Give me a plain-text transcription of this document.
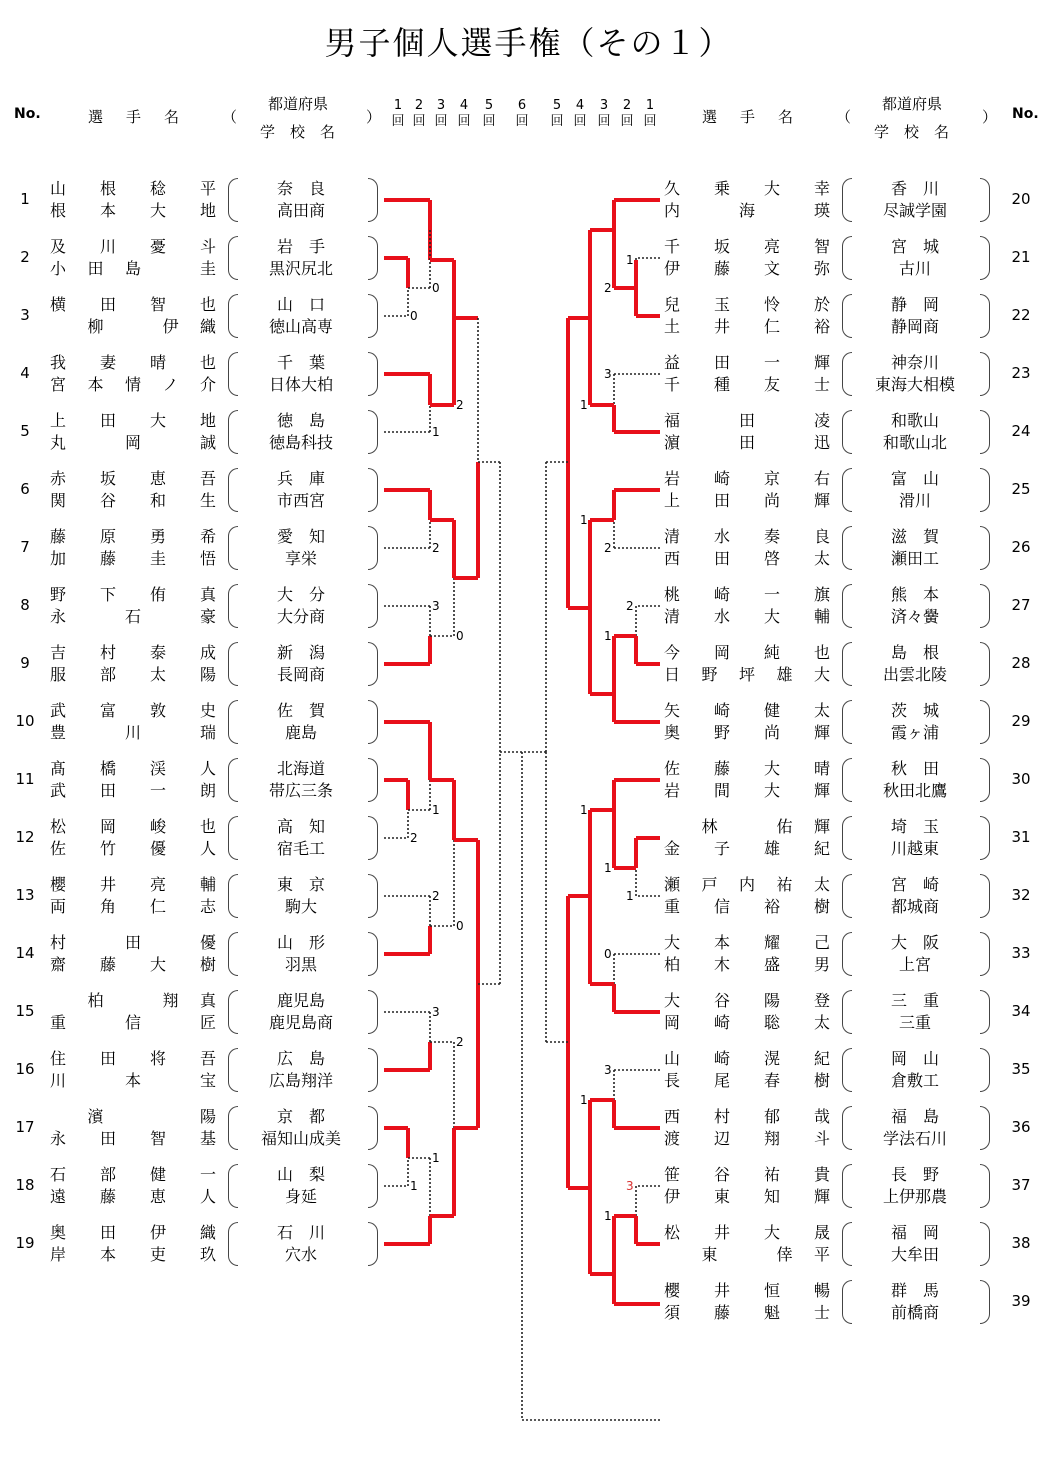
男子個人選手権（その１）
No.	選　手　名	（
都道府県
学　校　名
）	選　手　名	（
都道府県
学　校　名
） No.
1
回
2
回
3
回
4
回
5
回
6
回
5
回
4
回
3
回
2
回
1
回
1
山 根 稔 平
根 本 大 地
奈　良
高田商
2
及 川 憂 斗
小 田 島	圭
岩　手
黒沢尻北
3
横 田 智 也
柳	伊 織
山　口
徳山高専
4
我 妻 晴 也
宮 本 情 ノ 介
千　葉
日体大柏
5
上 田 大 地
丸	岡	誠
徳　島
徳島科技
6
赤 坂 恵 吾
関 谷 和 生
兵　庫
市西宮
7
藤 原 勇 希
加 藤 圭 悟
愛　知
享栄
8
野 下 侑 真
永	石	豪
大　分
大分商
9
吉 村 泰 成
服 部 太 陽
新　潟
長岡商
10
武 富 敦 史
豊	川	瑞
佐　賀
鹿島
11
髙 橋 渓 人
武 田 一 朗
北海道
帯広三条
12
松 岡 峻 也
佐 竹 優 人
高　知
宿毛工
13
櫻 井 亮 輔
両 角 仁 志
東　京
駒大
14
村	田	優
齋 藤 大 樹
山　形
羽黒
15
柏	翔 真
重	信	匠
鹿児島
鹿児島商
16
住 田 将 吾
川	本	宝
広　島
広島翔洋
17
濱	陽
永 田 智 基
京　都
福知山成美
18
石 部 健 一
遠 藤 恵 人
山　梨
身延
19
奥 田 伊 織
岸 本 吏 玖
石　川
穴水
20
久 乗 大 幸
内	海	瑛
香　川
尽誠学園
21
千 坂 亮 智
伊 藤 文 弥
宮　城
古川
22
兒 玉 怜 於
土 井 仁 裕
静　岡
静岡商
23
益 田 一 輝
千 種 友 士
神奈川
東海大相模
24
福	田	凌
濵	田	迅
和歌山
和歌山北
25
岩 崎 京 右
上 田 尚 輝
富　山
滑川
26
清 水 奏 良
西 田 啓 太
滋　賀
瀬田工
27
桃 崎 一 旗
清 水 大 輔
熊　本
済々黌
28
今 岡 純 也
日 野 坪 雄 大
島　根
出雲北陵
29
矢 崎 健 太
奥 野 尚 輝
茨　城
霞ヶ浦
30
佐 藤 大 晴
岩 間 大 輝
秋　田
秋田北鷹
31
林	佑 輝
金 子 雄 紀
埼　玉
川越東
32
瀬 戸 内 祐 太
重 信 裕 樹
宮　崎
都城商
33
大 本 耀 己
柏 木 盛 男
大　阪
上宮
34
大 谷 陽 登
岡 崎 聡 太
三　重
三重
35
山 崎 滉 紀
長 尾 春 樹
岡　山
倉敷工
36
西 村 郁 哉
渡 辺 翔 斗
福　島
学法石川
37
笹 谷 祐 貴
伊 東 知 輝
長　野
上伊那農
38
松 井 大 晟
東	倖 平
福　岡
大牟田
39
櫻 井 恒 暢
須 藤 魁 士
群　馬
前橋商
0
0
2
1
2
3
0
2
1
2
0
3
2
1
1
1
2
3
1
2
1
2
1
1
1
1
0
3
1
3
1
